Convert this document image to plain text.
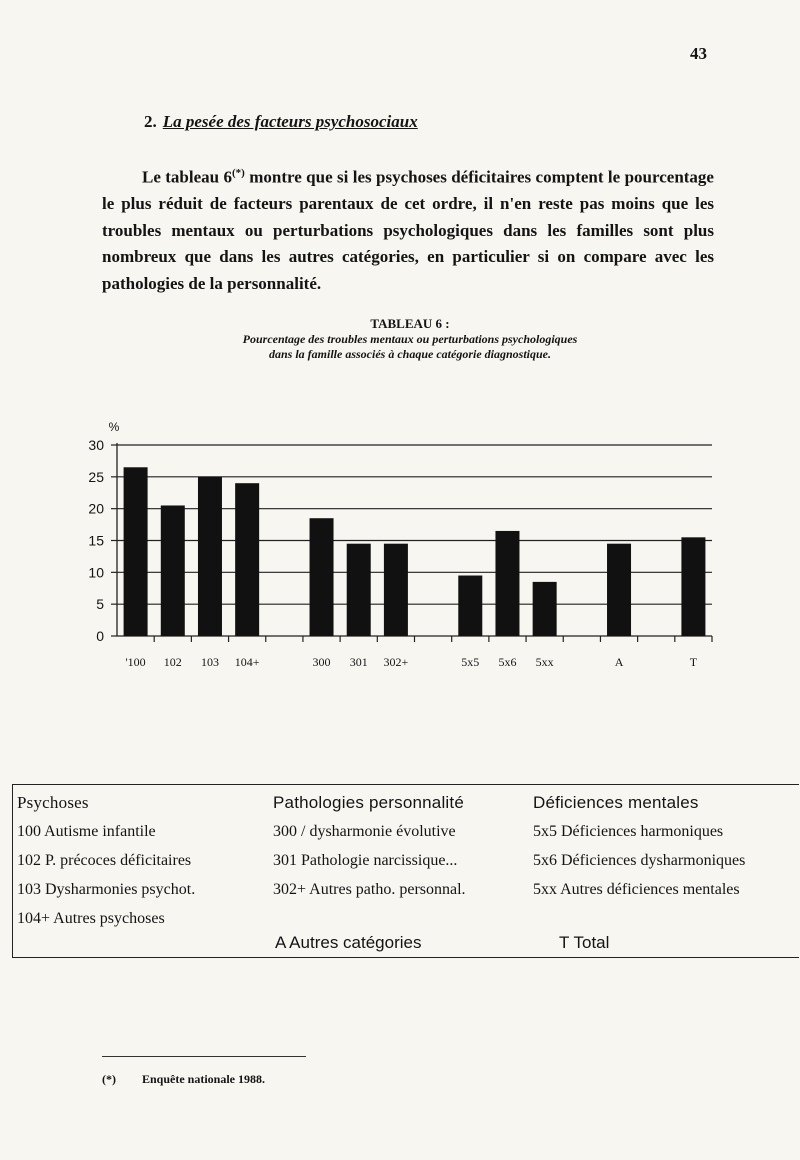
43
2. La pesée des facteurs psychosociaux

Le tableau 6(*) montre que si les psychoses déficitaires comptent le pourcentage le plus réduit de facteurs parentaux de cet ordre, il n'en reste pas moins que les troubles mentaux ou perturbations psychologiques dans les familles sont plus nombreux que dans les autres catégories, en particulier si on compare avec les pathologies de la personnalité.

TABLEAU 6 :
Pourcentage des troubles mentaux ou perturbations psychologiques
dans la famille associés à chaque catégorie diagnostique.
0
5
10
15
20
25
30
%
'100 102 103 104+	300 301 302+	5x5 5x6 5xx	A	T
Psychoses
100 Autisme infantile
102 P. précoces déficitaires
103 Dysharmonies psychot.
104+ Autres psychoses
Pathologies personnalité
300 / dysharmonie évolutive
301 Pathologie narcissique...
302+ Autres patho. personnal.
Déficiences mentales
5x5 Déficiences harmoniques
5x6 Déficiences dysharmoniques
5xx Autres déficiences mentales
A Autres catégories	T Total
(*) Enquête nationale 1988.
